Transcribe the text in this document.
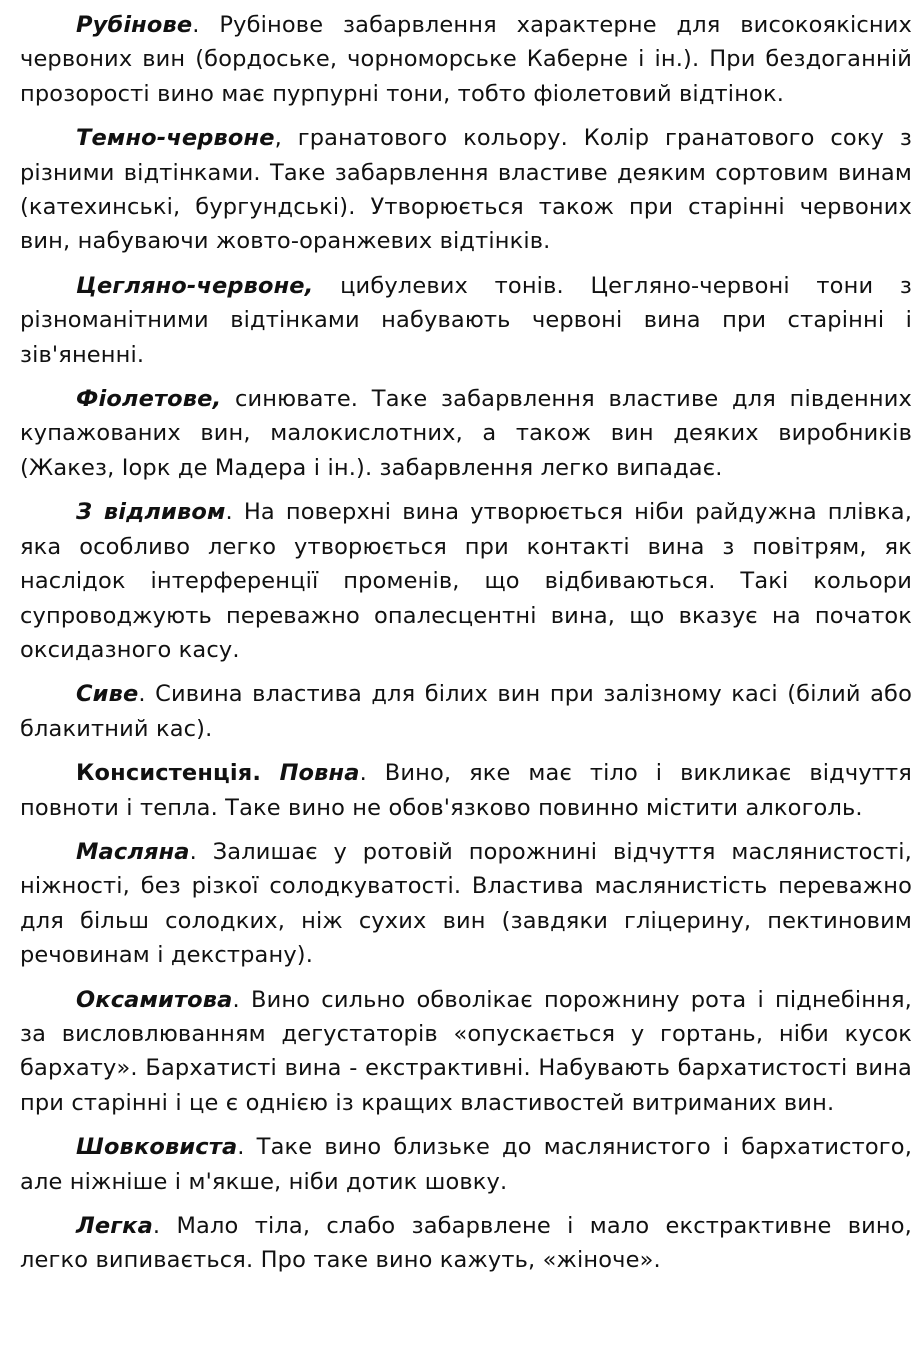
Рубінове. Рубінове забарвлення характерне для високоякісних червоних вин (бордоське, чорноморське Каберне і ін.). При бездоганній прозорості вино має пурпурні тони, тобто фіолетовий відтінок.

Темно-червоне, гранатового кольору. Колір гранатового соку з різними відтінками. Таке забарвлення властиве деяким сортовим винам (катехинські, бургундські). Утворюється також при старінні червоних вин, набуваючи жовто-оранжевих відтінків.

Цегляно-червоне, цибулевих тонів. Цегляно-червоні тони з різноманітними відтінками набувають червоні вина при старінні і зів'яненні.

Фіолетове, синювате. Таке забарвлення властиве для південних купажованих вин, малокислотних, а також вин деяких виробників (Жакез, Іорк де Мадера і ін.). забарвлення легко випадає.

З відливом. На поверхні вина утворюється ніби райдужна плівка, яка особливо легко утворюється при контакті вина з повітрям, як наслідок інтерференції променів, що відбиваються. Такі кольори супроводжують переважно опалесцентні вина, що вказує на початок оксидазного касу.

Сиве. Сивина властива для білих вин при залізному касі (білий або блакитний кас).

Консистенція. Повна. Вино, яке має тіло і викликає відчуття повноти і тепла. Таке вино не обов'язково повинно містити алкоголь.

Масляна. Залишає у ротовій порожнині відчуття маслянистості, ніжності, без різкої солодкуватості. Властива маслянистість переважно для більш солодких, ніж сухих вин (завдяки гліцерину, пектиновим речовинам і декстрану).

Оксамитова. Вино сильно обволікає порожнину рота і піднебіння, за висловлюванням дегустаторів «опускається у гортань, ніби кусок бархату». Бархатисті вина - екстрактивні. Набувають бархатистості вина при старінні і це є однією із кращих властивостей витриманих вин.

Шовковиста. Таке вино близьке до маслянистого і бархатистого, але ніжніше і м'якше, ніби дотик шовку.

Легка. Мало тіла, слабо забарвлене і мало екстрактивне вино, легко випивається. Про таке вино кажуть, «жіноче».
